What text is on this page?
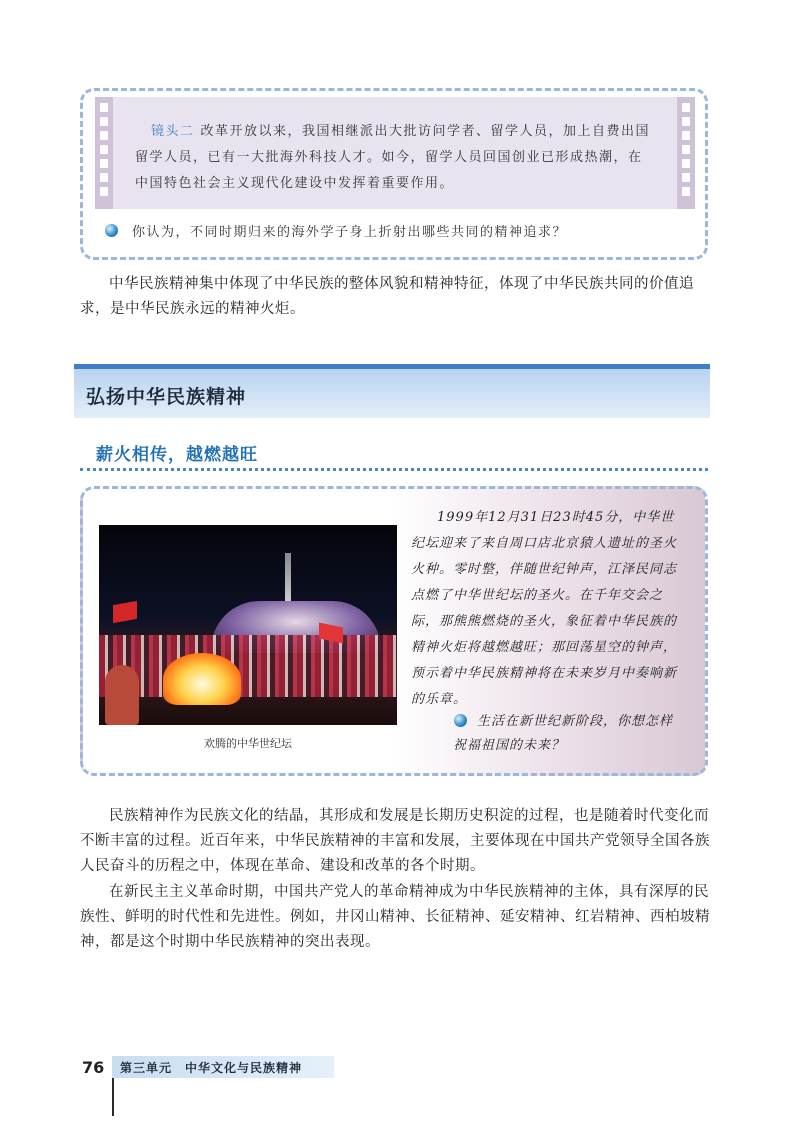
镜头二 改革开放以来，我国相继派出大批访问学者、留学人员，加上自费出国留学人员，已有一大批海外科技人才。如今，留学人员回国创业已形成热潮，在中国特色社会主义现代化建设中发挥着重要作用。
你认为，不同时期归来的海外学子身上折射出哪些共同的精神追求？

中华民族精神集中体现了中华民族的整体风貌和精神特征，体现了中华民族共同的价值追求，是中华民族永远的精神火炬。

弘扬中华民族精神
薪火相传，越燃越旺
欢腾的中华世纪坛
1999年12月31日23时45分，中华世纪坛迎来了来自周口店北京猿人遗址的圣火火种。零时整，伴随世纪钟声，江泽民同志点燃了中华世纪坛的圣火。在千年交会之际，那熊熊燃烧的圣火，象征着中华民族的精神火炬将越燃越旺；那回荡星空的钟声，预示着中华民族精神将在未来岁月中奏响新的乐章。
生活在新世纪新阶段，你想怎样
祝福祖国的未来？

民族精神作为民族文化的结晶，其形成和发展是长期历史积淀的过程，也是随着时代变化而不断丰富的过程。近百年来，中华民族精神的丰富和发展，主要体现在中国共产党领导全国各族人民奋斗的历程之中，体现在革命、建设和改革的各个时期。

在新民主主义革命时期，中国共产党人的革命精神成为中华民族精神的主体，具有深厚的民族性、鲜明的时代性和先进性。例如，井冈山精神、长征精神、延安精神、红岩精神、西柏坡精神，都是这个时期中华民族精神的突出表现。

76	第三单元　中华文化与民族精神
